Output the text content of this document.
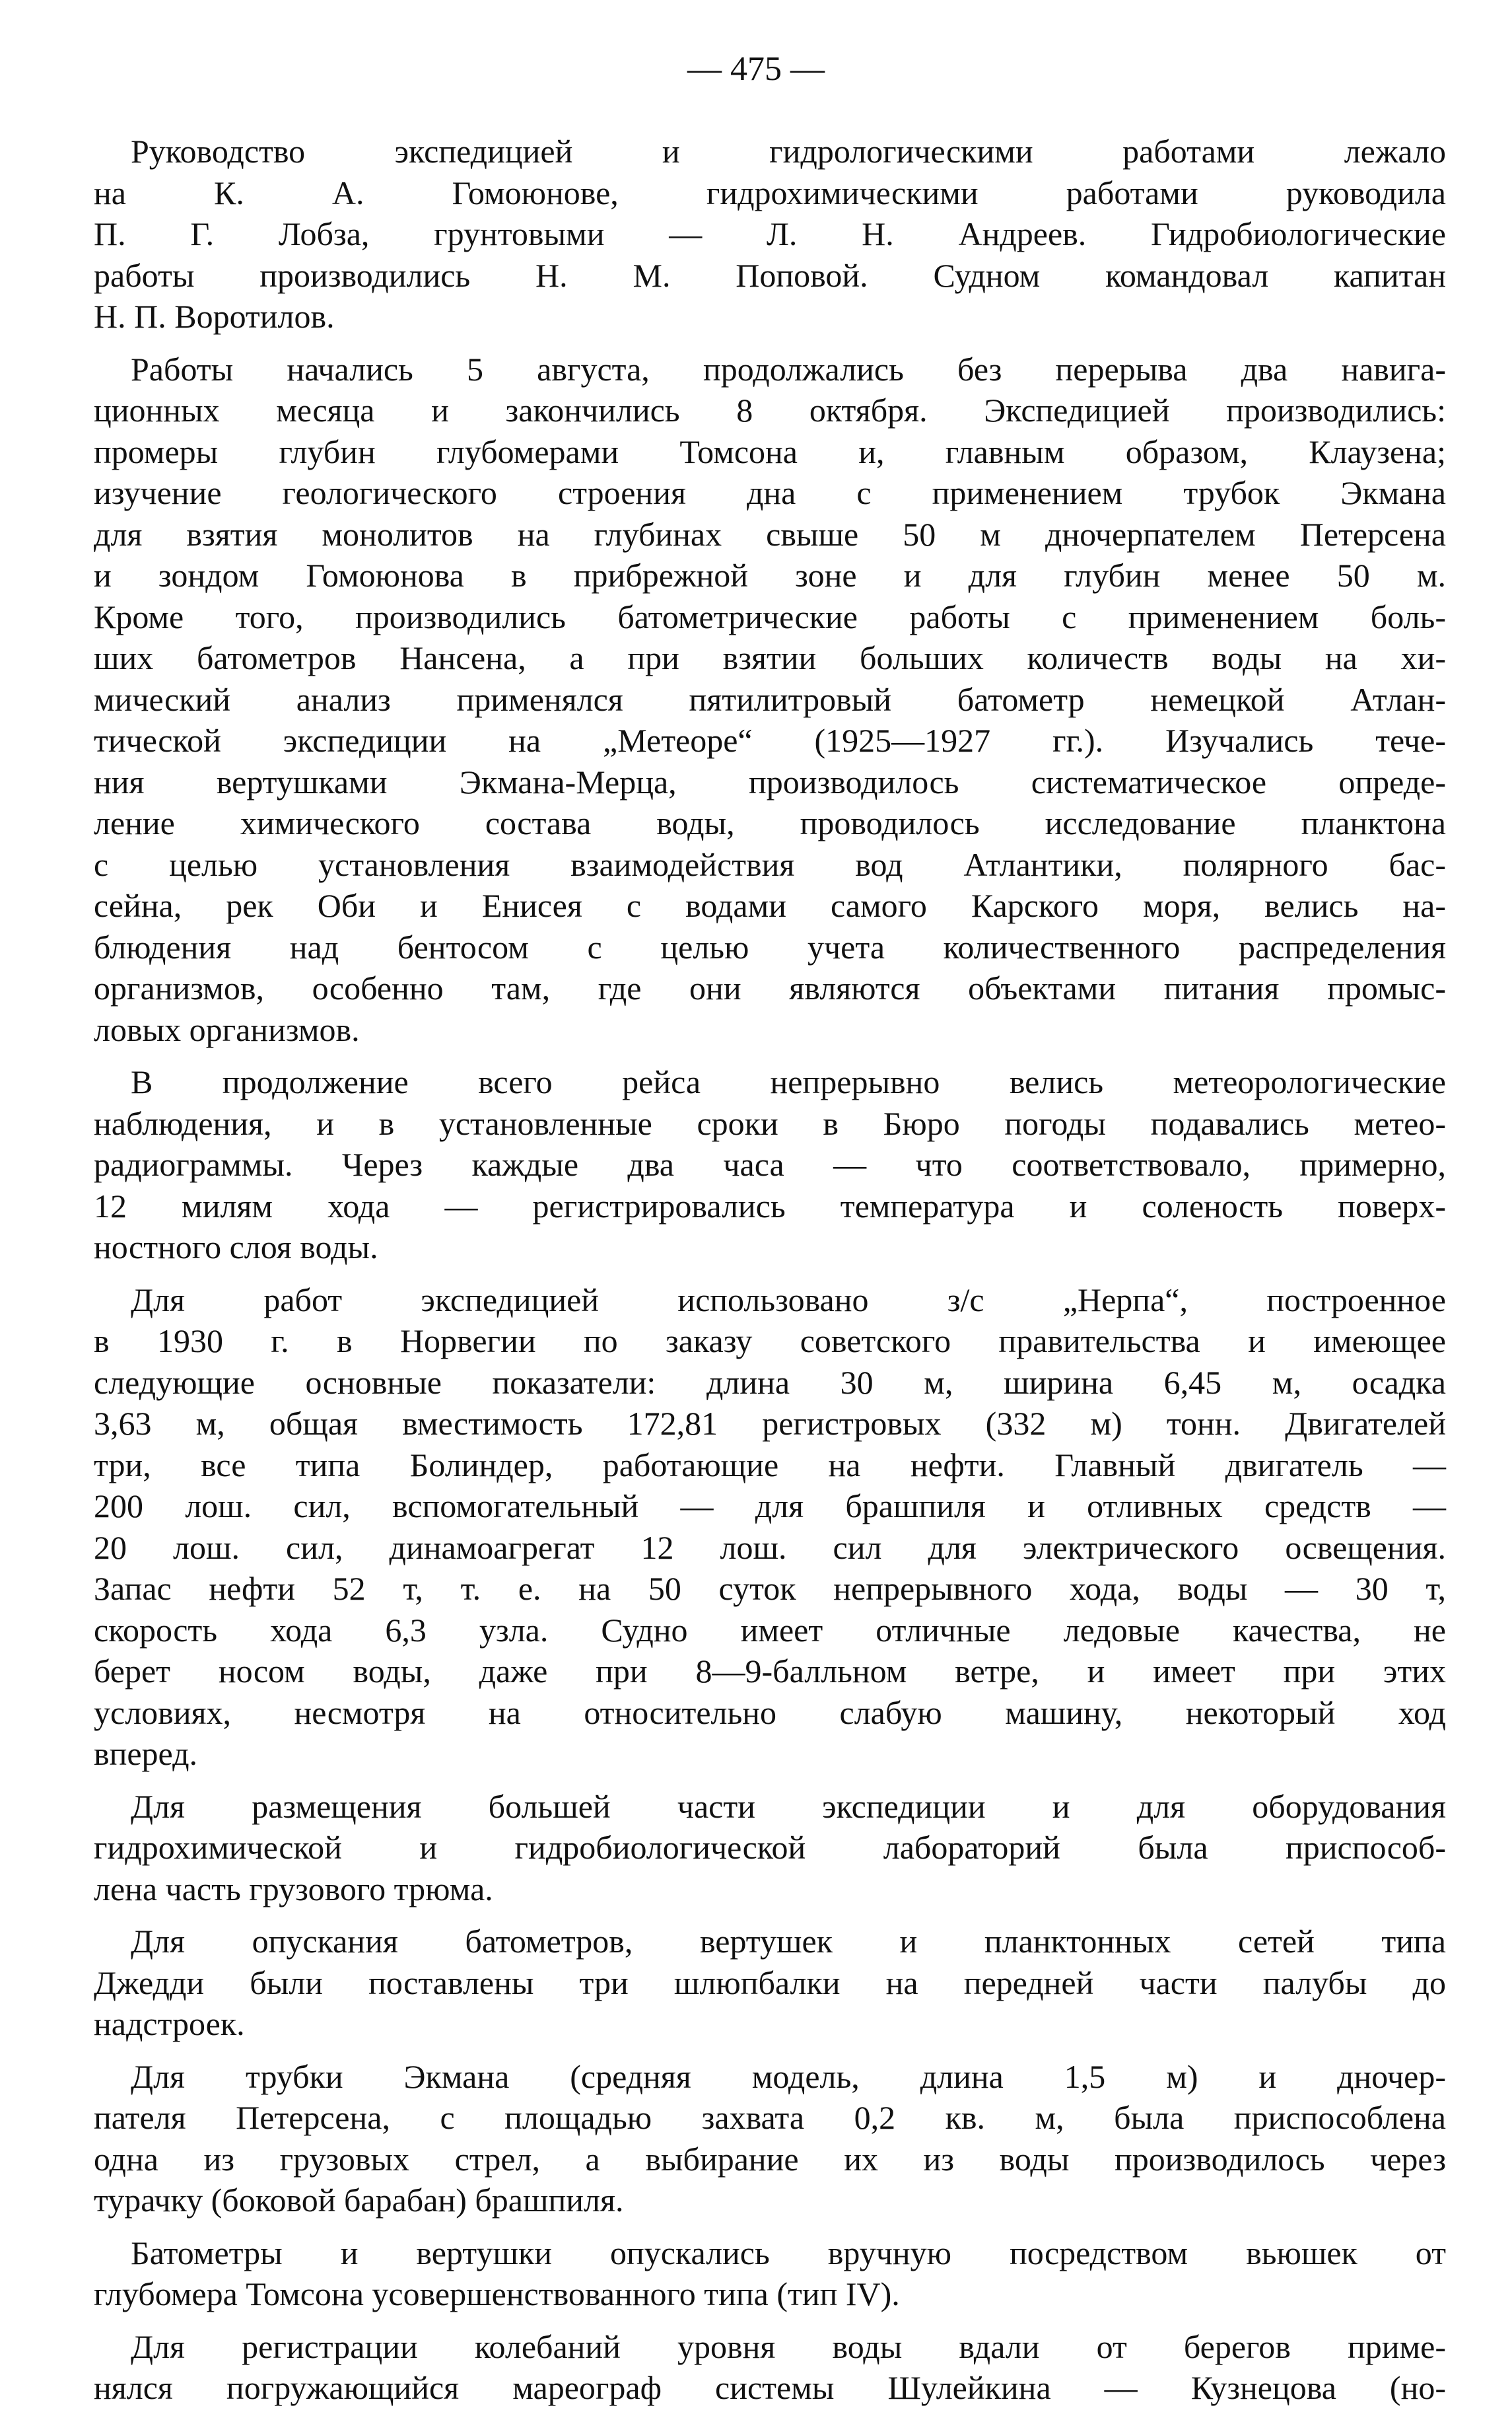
— 475 —
Руководство экспедицией и гидрологическими работами лежало
на К. А. Гомоюнове, гидрохимическими работами руководила
П. Г. Лобза, грунтовыми — Л. Н. Андреев. Гидробиологические
работы производились Н. М. Поповой. Судном командовал капитан
Н. П. Воротилов.
Работы начались 5 августа, продолжались без перерыва два навига-
ционных месяца и закончились 8 октября. Экспедицией производились:
промеры глубин глубомерами Томсона и, главным образом, Клаузена;
изучение геологического строения дна с применением трубок Экмана
для взятия монолитов на глубинах свыше 50 м дночерпателем Петерсена
и зондом Гомоюнова в прибрежной зоне и для глубин менее 50 м.
Кроме того, производились батометрические работы с применением боль-
ших батометров Нансена, а при взятии больших количеств воды на хи-
мический анализ применялся пятилитровый батометр немецкой Атлан-
тической экспедиции на „Метеоре“ (1925—1927 гг.). Изучались тече-
ния вертушками Экмана-Мерца, производилось систематическое опреде-
ление химического состава воды, проводилось исследование планктона
с целью установления взаимодействия вод Атлантики, полярного бас-
сейна, рек Оби и Енисея с водами самого Карского моря, велись на-
блюдения над бентосом с целью учета количественного распределения
организмов, особенно там, где они являются объектами питания промыс-
ловых организмов.
В продолжение всего рейса непрерывно велись метеорологические
наблюдения, и в установленные сроки в Бюро погоды подавались метео-
радиограммы. Через каждые два часа — что соответствовало, примерно,
12 милям хода — регистрировались температура и соленость поверх-
ностного слоя воды.
Для работ экспедицией использовано з/с „Нерпа“, построенное
в 1930 г. в Норвегии по заказу советского правительства и имеющее
следующие основные показатели: длина 30 м, ширина 6,45 м, осадка
3,63 м, общая вместимость 172,81 регистровых (332 м) тонн. Двигателей
три, все типа Болиндер, работающие на нефти. Главный двигатель —
200 лош. сил, вспомогательный — для брашпиля и отливных средств —
20 лош. сил, динамоагрегат 12 лош. сил для электрического освещения.
Запас нефти 52 т, т. е. на 50 суток непрерывного хода, воды — 30 т,
скорость хода 6,3 узла. Судно имеет отличные ледовые качества, не
берет носом воды, даже при 8—9-балльном ветре, и имеет при этих
условиях, несмотря на относительно слабую машину, некоторый ход
вперед.
Для размещения большей части экспедиции и для оборудования
гидрохимической и гидробиологической лабораторий была приспособ-
лена часть грузового трюма.
Для опускания батометров, вертушек и планктонных сетей типа
Джедди были поставлены три шлюпбалки на передней части палубы до
надстроек.
Для трубки Экмана (средняя модель, длина 1,5 м) и дночер-
пателя Петерсена, с площадью захвата 0,2 кв. м, была приспособлена
одна из грузовых стрел, а выбирание их из воды производилось через
турачку (боковой барабан) брашпиля.
Батометры и вертушки опускались вручную посредством вьюшек от
глубомера Томсона усовершенствованного типа (тип IV).
Для регистрации колебаний уровня воды вдали от берегов приме-
нялся погружающийся мареограф системы Шулейкина — Кузнецова (но-
